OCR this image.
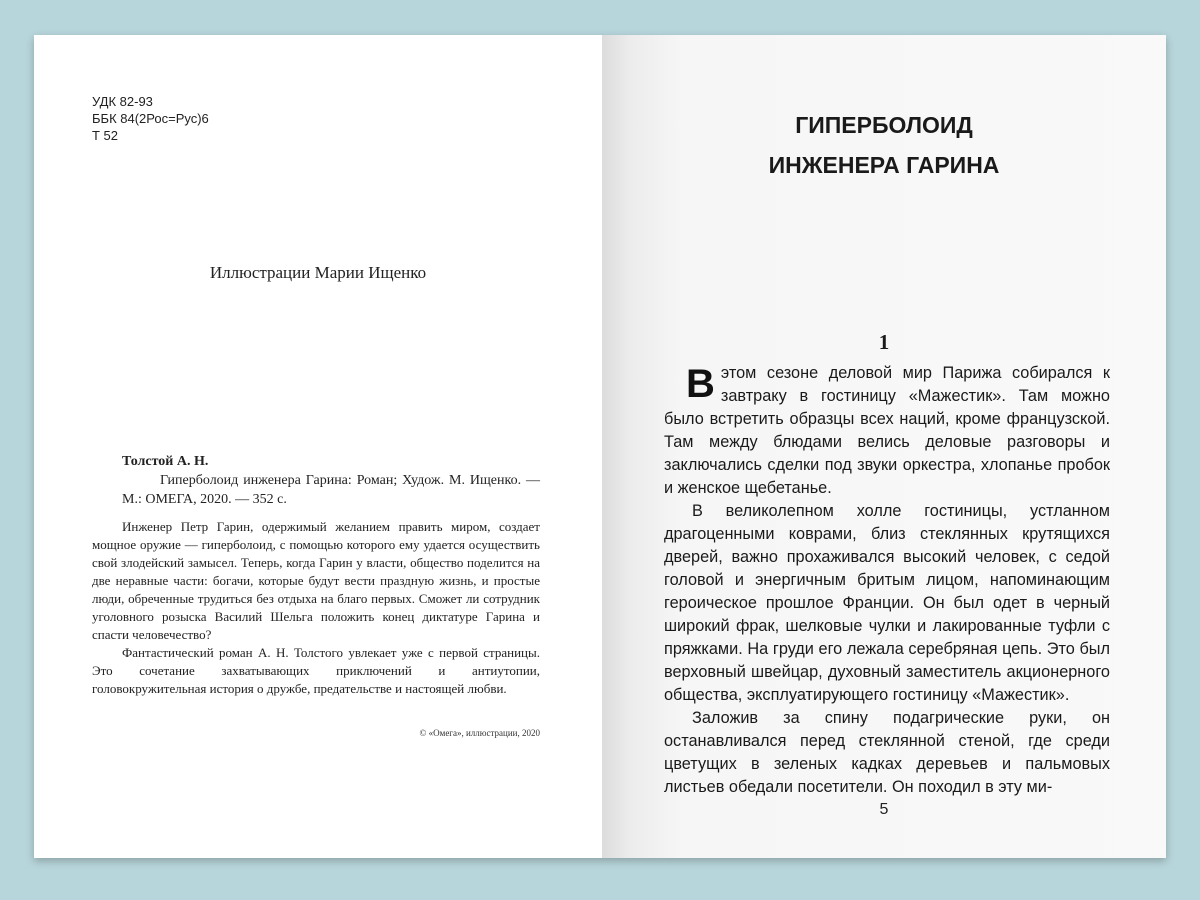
УДК 82-93
ББК 84(2Рос=Рус)6
Т 52
Иллюстрации Марии Ищенко
Толстой А. Н.
Гиперболоид инженера Гарина: Роман; Худож. М. Ищенко. — М.: ОМЕГА, 2020. — 352 с.

Инженер Петр Гарин, одержимый желанием править миром, создает мощное оружие — гиперболоид, с помощью которого ему удается осуществить свой злодейский замысел. Теперь, когда Гарин у власти, общество поделится на две неравные части: богачи, которые будут вести праздную жизнь, и простые люди, обреченные трудиться без отдыха на благо первых. Сможет ли сотрудник уголовного розыска Василий Шельга положить конец диктатуре Гарина и спасти человечество?

Фантастический роман А. Н. Толстого увлекает уже с первой страницы. Это сочетание захватывающих приключений и антиутопии, головокружительная история о дружбе, предательстве и настоящей любви.

© «Омега», иллюстрации, 2020
ГИПЕРБОЛОИД
ИНЖЕНЕРА ГАРИНА
1

В этом сезоне деловой мир Парижа собирался к завтраку в гостиницу «Мажестик». Там можно было встретить образцы всех наций, кроме французской. Там между блюдами велись деловые разговоры и заключались сделки под звуки оркестра, хлопанье пробок и женское щебетанье.

В великолепном холле гостиницы, устланном драгоценными коврами, близ стеклянных крутящихся дверей, важно прохаживался высокий человек, с седой головой и энергичным бритым лицом, напоминающим героическое прошлое Франции. Он был одет в черный широкий фрак, шелковые чулки и лакированные туфли с пряжками. На груди его лежала серебряная цепь. Это был верховный швейцар, духовный заместитель акционерного общества, эксплуатирующего гостиницу «Мажестик».

Заложив за спину подагрические руки, он останавливался перед стеклянной стеной, где среди цветущих в зеленых кадках деревьев и пальмовых листьев обедали посетители. Он походил в эту ми-

5
